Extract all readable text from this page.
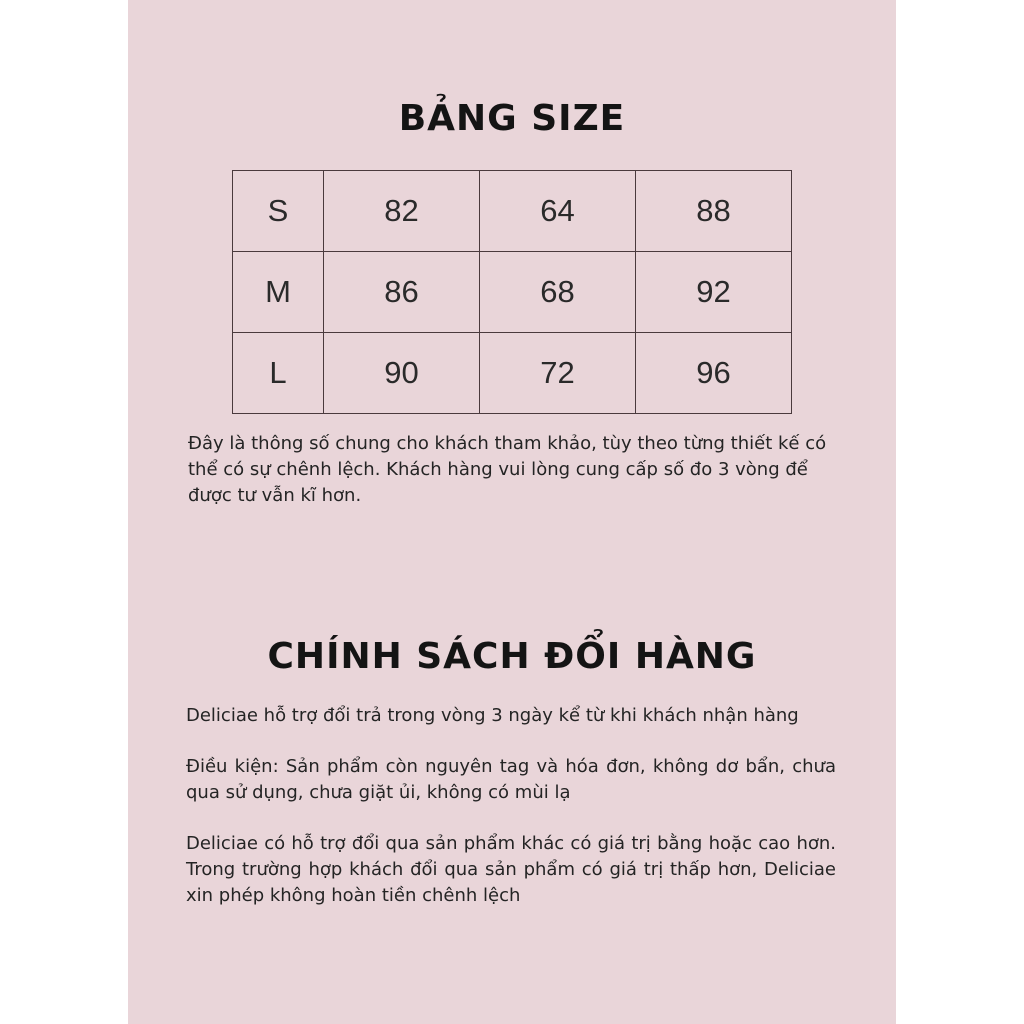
BẢNG SIZE
S	82	64	88
M	86	68	92
L	90	72	96

Đây là thông số chung cho khách tham khảo, tùy theo từng thiết kế có thể có sự chênh lệch. Khách hàng vui lòng cung cấp số đo 3 vòng để được tư vẫn kĩ hơn.

CHÍNH SÁCH ĐỔI HÀNG

Deliciae hỗ trợ đổi trả trong vòng 3 ngày kể từ khi khách nhận hàng

Điều kiện: Sản phẩm còn nguyên tag và hóa đơn, không dơ bẩn, chưa qua sử dụng, chưa giặt ủi, không có mùi lạ

Deliciae có hỗ trợ đổi qua sản phẩm khác có giá trị bằng hoặc cao hơn. Trong trường hợp khách đổi qua sản phẩm có giá trị thấp hơn, Deliciae xin phép không hoàn tiền chênh lệch
